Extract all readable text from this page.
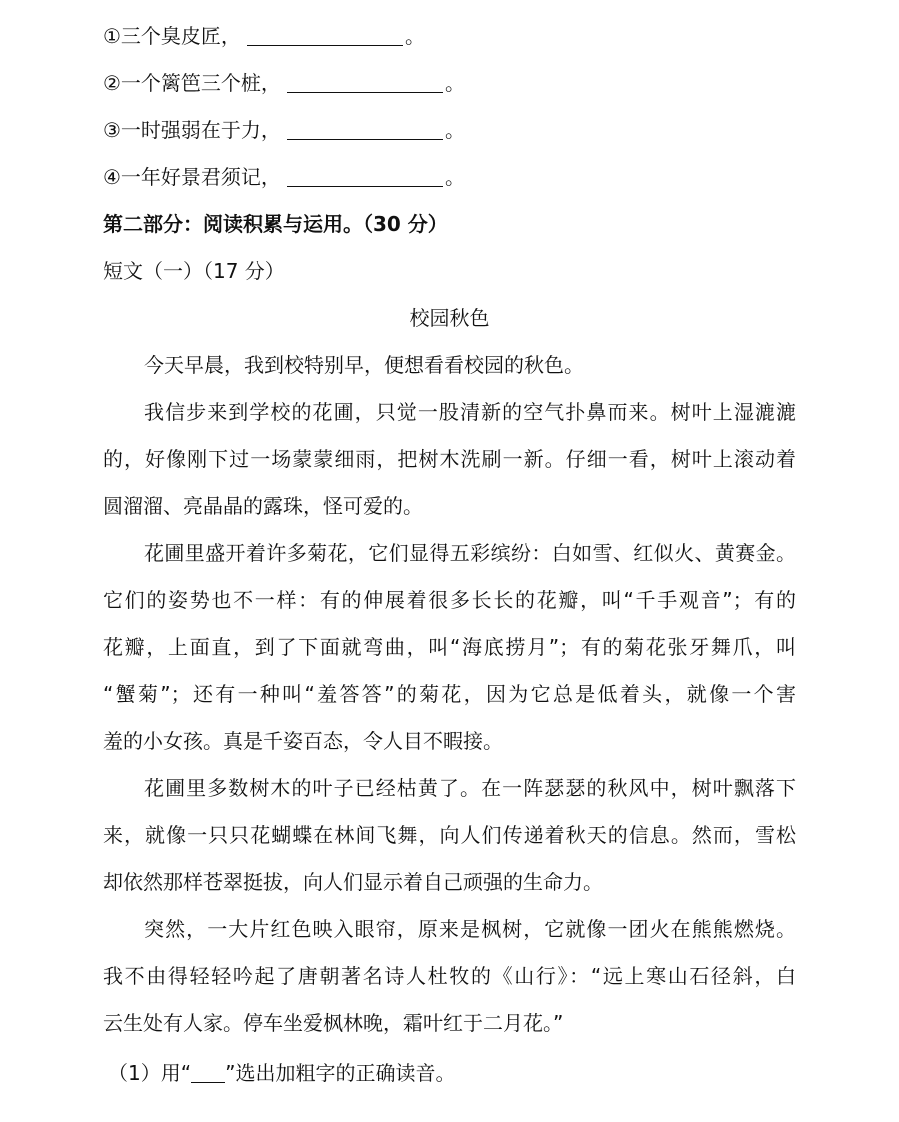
①三个臭皮匠，	。
②一个篱笆三个桩，	。
③一时强弱在于力，	。
④一年好景君须记，	。
第二部分：阅读积累与运用。（30 分）
短文（一）（17 分）
校园秋色
今天早晨，我到校特别早，便想看看校园的秋色。
我信步来到学校的花圃，只觉一股清新的空气扑鼻而来。树叶上湿漉漉
的，好像刚下过一场蒙蒙细雨，把树木洗刷一新。仔细一看，树叶上滚动着
圆溜溜、亮晶晶的露珠，怪可爱的。
花圃里盛开着许多菊花，它们显得五彩缤纷：白如雪、红似火、黄赛金。
它们的姿势也不一样：有的伸展着很多长长的花瓣，叫“千手观音”；有的
花瓣，上面直，到了下面就弯曲，叫“海底捞月”；有的菊花张牙舞爪，叫
“蟹菊”；还有一种叫“羞答答”的菊花，因为它总是低着头，就像一个害
羞的小女孩。真是千姿百态，令人目不暇接。
花圃里多数树木的叶子已经枯黄了。在一阵瑟瑟的秋风中，树叶飘落下
来，就像一只只花蝴蝶在林间飞舞，向人们传递着秋天的信息。然而，雪松
却依然那样苍翠挺拔，向人们显示着自己顽强的生命力。
突然，一大片红色映入眼帘，原来是枫树，它就像一团火在熊熊燃烧。
我不由得轻轻吟起了唐朝著名诗人杜牧的《山行》：“远上寒山石径斜，白
云生处有人家。停车坐爱枫林晚，霜叶红于二月花。”
（1）用“ ”选出加粗字的正确读音。
